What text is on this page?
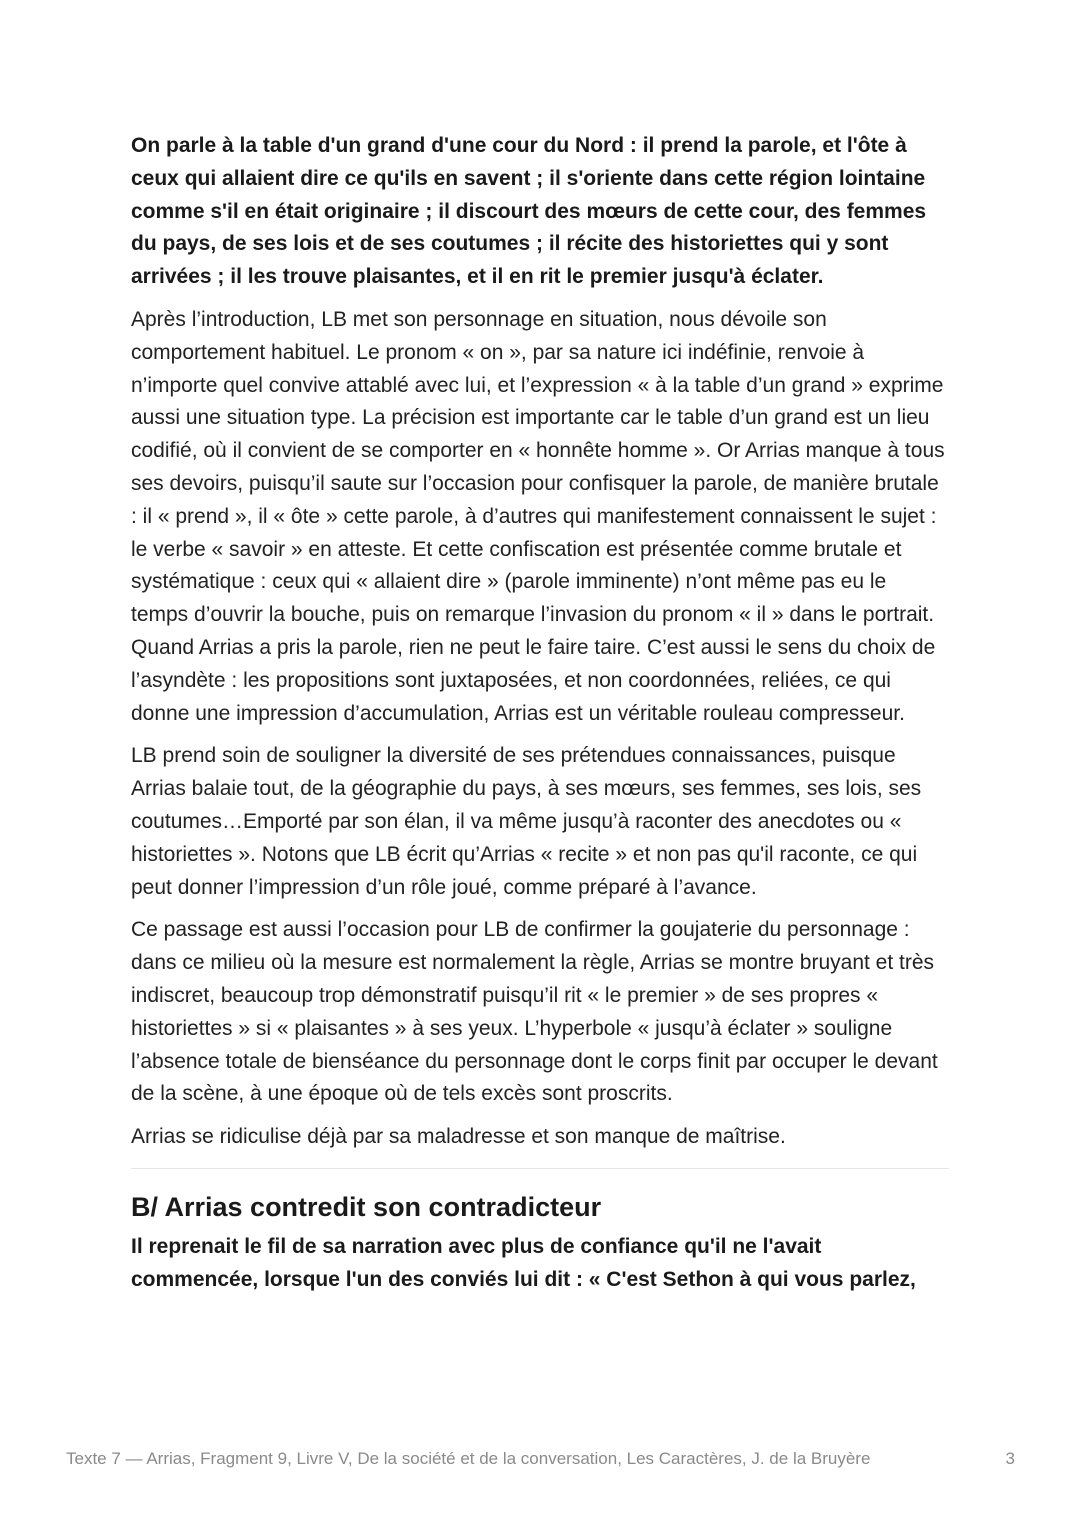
On parle à la table d'un grand d'une cour du Nord : il prend la parole, et l'ôte à ceux qui allaient dire ce qu'ils en savent ; il s'oriente dans cette région lointaine comme s'il en était originaire ; il discourt des mœurs de cette cour, des femmes du pays, de ses lois et de ses coutumes ; il récite des historiettes qui y sont arrivées ; il les trouve plaisantes, et il en rit le premier jusqu'à éclater.

Après l’introduction, LB met son personnage en situation, nous dévoile son comportement habituel. Le pronom « on », par sa nature ici indéfinie, renvoie à n’importe quel convive attablé avec lui, et l’expression « à la table d’un grand » exprime aussi une situation type. La précision est importante car le table d’un grand est un lieu codifié, où il convient de se comporter en « honnête homme ». Or Arrias manque à tous ses devoirs, puisqu’il saute sur l’occasion pour confisquer la parole, de manière brutale : il « prend », il « ôte » cette parole, à d’autres qui manifestement connaissent le sujet : le verbe « savoir » en atteste. Et cette confiscation est présentée comme brutale et systématique : ceux qui « allaient dire » (parole imminente) n’ont même pas eu le temps d’ouvrir la bouche, puis on remarque l’invasion du pronom « il » dans le portrait. Quand Arrias a pris la parole, rien ne peut le faire taire. C’est aussi le sens du choix de l’asyndète : les propositions sont juxtaposées, et non coordonnées, reliées, ce qui donne une impression d’accumulation, Arrias est un véritable rouleau compresseur.

LB prend soin de souligner la diversité de ses prétendues connaissances, puisque Arrias balaie tout, de la géographie du pays, à ses mœurs, ses femmes, ses lois, ses coutumes…Emporté par son élan, il va même jusqu’à raconter des anecdotes ou « historiettes ». Notons que LB écrit qu’Arrias « recite » et non pas qu'il raconte, ce qui peut donner l’impression d’un rôle joué, comme préparé à l’avance.

Ce passage est aussi l’occasion pour LB de confirmer la goujaterie du personnage : dans ce milieu où la mesure est normalement la règle, Arrias se montre bruyant et très indiscret, beaucoup trop démonstratif puisqu’il rit « le premier » de ses propres « historiettes » si « plaisantes » à ses yeux. L’hyperbole « jusqu’à éclater » souligne l’absence totale de bienséance du personnage dont le corps finit par occuper le devant de la scène, à une époque où de tels excès sont proscrits.

Arrias se ridiculise déjà par sa maladresse et son manque de maîtrise.

B/ Arrias contredit son contradicteur

Il reprenait le fil de sa narration avec plus de confiance qu'il ne l'avait commencée, lorsque l'un des conviés lui dit : « C'est Sethon à qui vous parlez,

Texte 7 — Arrias, Fragment 9, Livre V, De la société et de la conversation, Les Caractères, J. de la Bruyère	3
